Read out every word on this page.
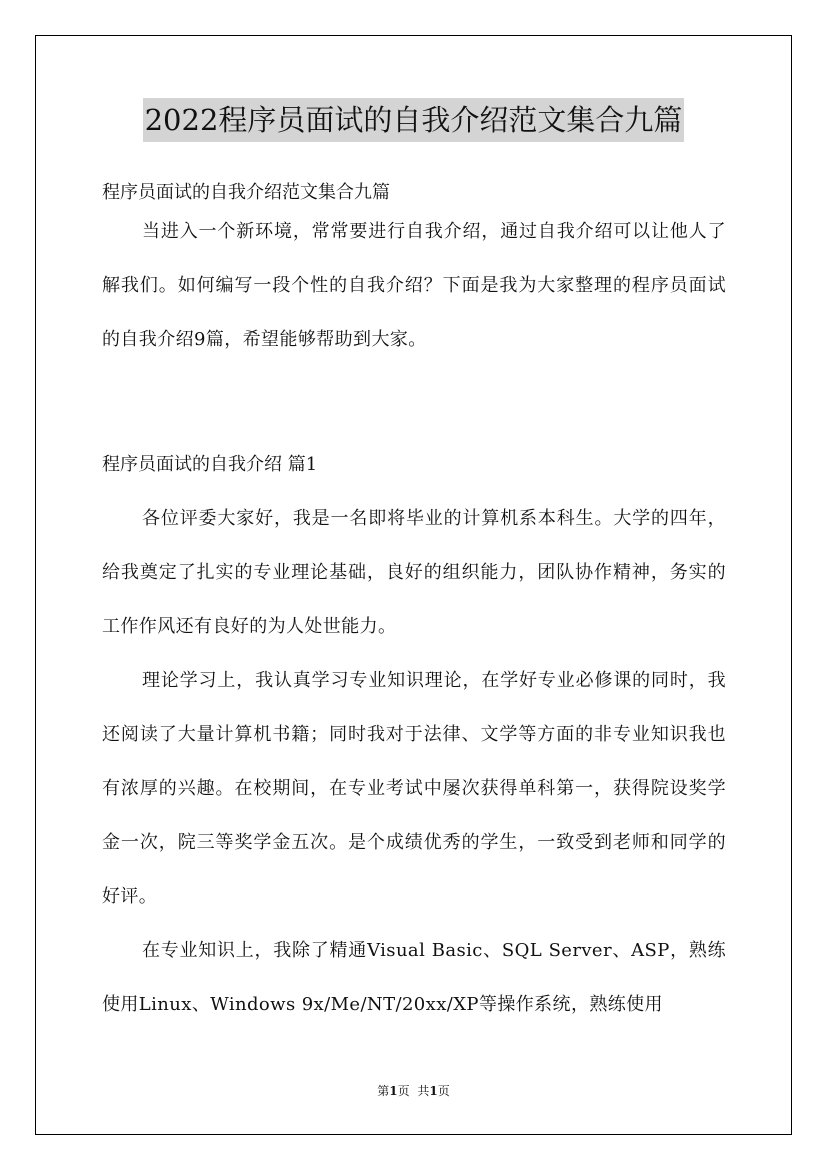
2022程序员面试的自我介绍范文集合九篇
程序员面试的自我介绍范文集合九篇

当进入一个新环境，常常要进行自我介绍，通过自我介绍可以让他人了解我们。如何编写一段个性的自我介绍？下面是我为大家整理的程序员面试的自我介绍9篇，希望能够帮助到大家。

程序员面试的自我介绍 篇1

各位评委大家好，我是一名即将毕业的计算机系本科生。大学的四年，给我奠定了扎实的专业理论基础，良好的组织能力，团队协作精神，务实的工作作风还有良好的为人处世能力。

理论学习上，我认真学习专业知识理论，在学好专业必修课的同时，我还阅读了大量计算机书籍；同时我对于法律、文学等方面的非专业知识我也有浓厚的兴趣。在校期间，在专业考试中屡次获得单科第一，获得院设奖学金一次，院三等奖学金五次。是个成绩优秀的学生，一致受到老师和同学的好评。

在专业知识上，我除了精通Visual Basic、SQL Server、ASP，熟练使用Linux、Windows 9x/Me/NT/20xx/XP等操作系统，熟练使用

第1页 共1页
